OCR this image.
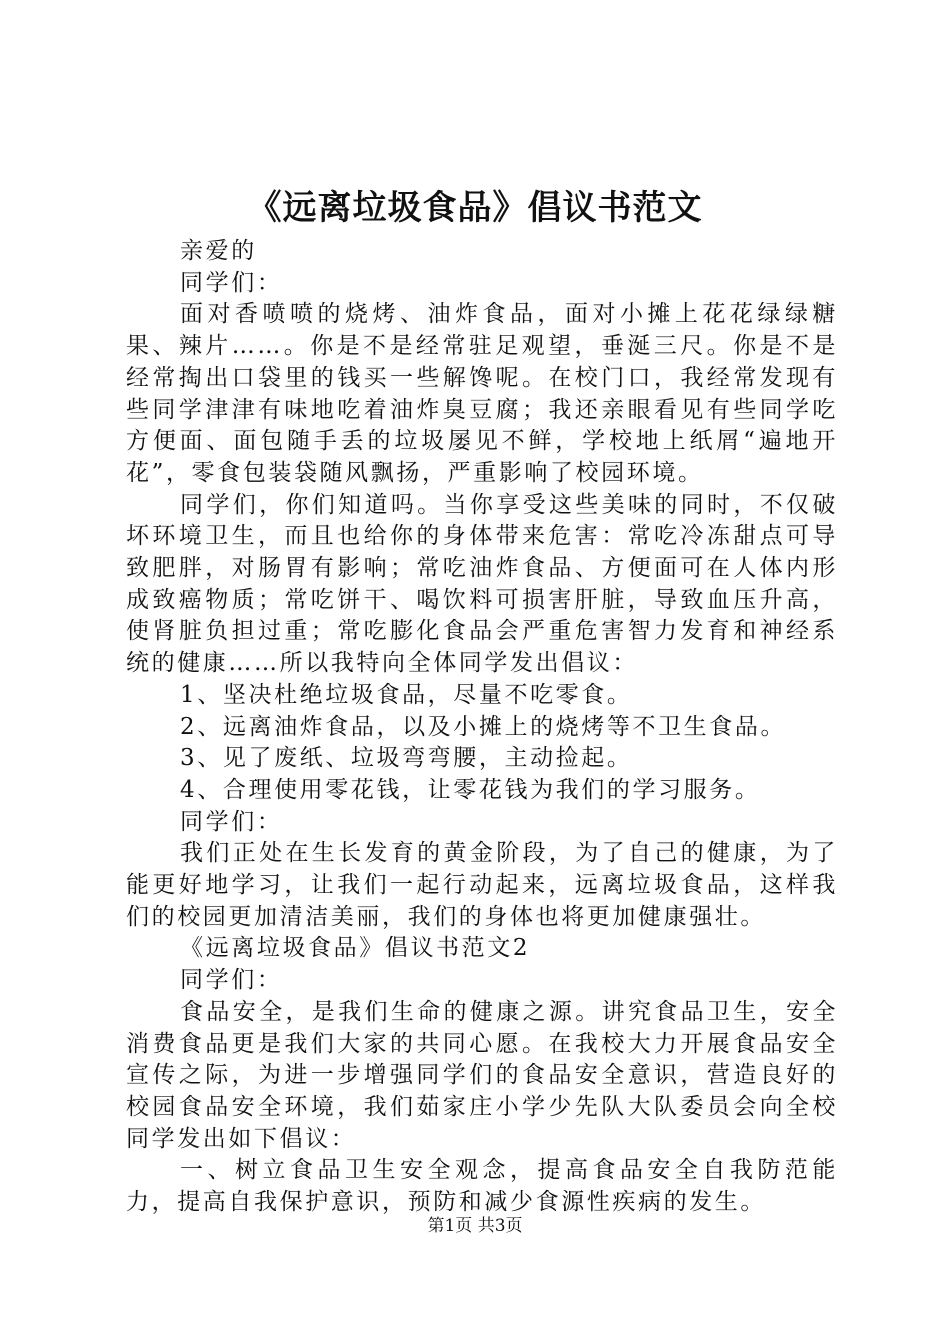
《远离垃圾食品》倡议书范文

亲爱的

同学们：

面对香喷喷的烧烤、油炸食品，面对小摊上花花绿绿糖果、辣片……。你是不是经常驻足观望，垂涎三尺。你是不是经常掏出口袋里的钱买一些解馋呢。在校门口，我经常发现有些同学津津有味地吃着油炸臭豆腐；我还亲眼看见有些同学吃方便面、面包随手丢的垃圾屡见不鲜，学校地上纸屑“遍地开花”，零食包装袋随风飘扬，严重影响了校园环境。

同学们，你们知道吗。当你享受这些美味的同时，不仅破坏环境卫生，而且也给你的身体带来危害：常吃冷冻甜点可导致肥胖，对肠胃有影响；常吃油炸食品、方便面可在人体内形成致癌物质；常吃饼干、喝饮料可损害肝脏，导致血压升高，使肾脏负担过重；常吃膨化食品会严重危害智力发育和神经系统的健康……所以我特向全体同学发出倡议：

1、坚决杜绝垃圾食品，尽量不吃零食。

2、远离油炸食品，以及小摊上的烧烤等不卫生食品。

3、见了废纸、垃圾弯弯腰，主动捡起。

4、合理使用零花钱，让零花钱为我们的学习服务。

同学们：

我们正处在生长发育的黄金阶段，为了自己的健康，为了能更好地学习，让我们一起行动起来，远离垃圾食品，这样我们的校园更加清洁美丽，我们的身体也将更加健康强壮。

《远离垃圾食品》倡议书范文2

同学们：

食品安全，是我们生命的健康之源。讲究食品卫生，安全消费食品更是我们大家的共同心愿。在我校大力开展食品安全宣传之际，为进一步增强同学们的食品安全意识，营造良好的校园食品安全环境，我们茹家庄小学少先队大队委员会向全校同学发出如下倡议：

一、树立食品卫生安全观念，提高食品安全自我防范能力，提高自我保护意识，预防和减少食源性疾病的发生。

第1页 共3页
